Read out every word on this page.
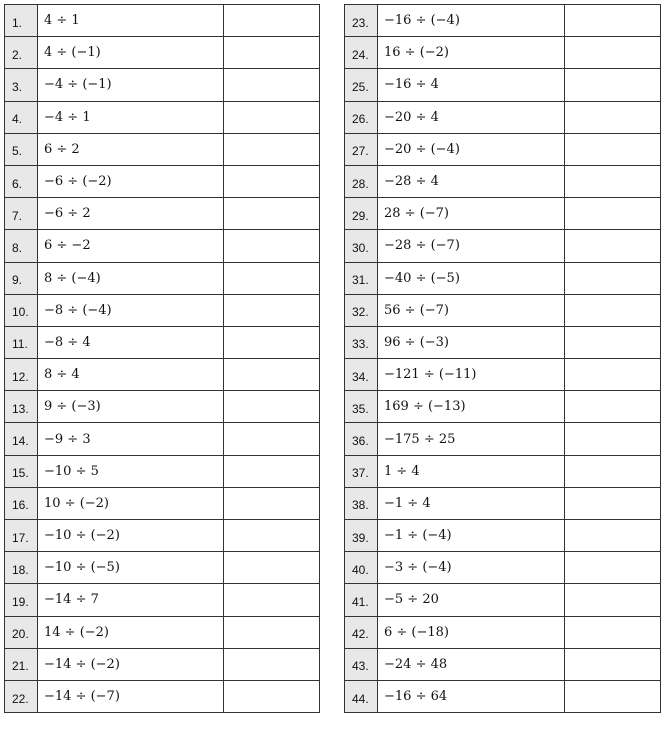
1.	4 ÷ 1	
2.	4 ÷ (−1)	
3.	−4 ÷ (−1)	
4.	−4 ÷ 1	
5.	6 ÷ 2	
6.	−6 ÷ (−2)	
7.	−6 ÷ 2	
8.	6 ÷ −2	
9.	8 ÷ (−4)	
10.	−8 ÷ (−4)	
11.	−8 ÷ 4	
12.	8 ÷ 4	
13.	9 ÷ (−3)	
14.	−9 ÷ 3	
15.	−10 ÷ 5	
16.	10 ÷ (−2)	
17.	−10 ÷ (−2)	
18.	−10 ÷ (−5)	
19.	−14 ÷ 7	
20.	14 ÷ (−2)	
21.	−14 ÷ (−2)	
22.	−14 ÷ (−7)	
23.	−16 ÷ (−4)	
24.	16 ÷ (−2)	
25.	−16 ÷ 4	
26.	−20 ÷ 4	
27.	−20 ÷ (−4)	
28.	−28 ÷ 4	
29.	28 ÷ (−7)	
30.	−28 ÷ (−7)	
31.	−40 ÷ (−5)	
32.	56 ÷ (−7)	
33.	96 ÷ (−3)	
34.	−121 ÷ (−11)	
35.	169 ÷ (−13)	
36.	−175 ÷ 25	
37.	1 ÷ 4	
38.	−1 ÷ 4	
39.	−1 ÷ (−4)	
40.	−3 ÷ (−4)	
41.	−5 ÷ 20	
42.	6 ÷ (−18)	
43.	−24 ÷ 48	
44.	−16 ÷ 64	
